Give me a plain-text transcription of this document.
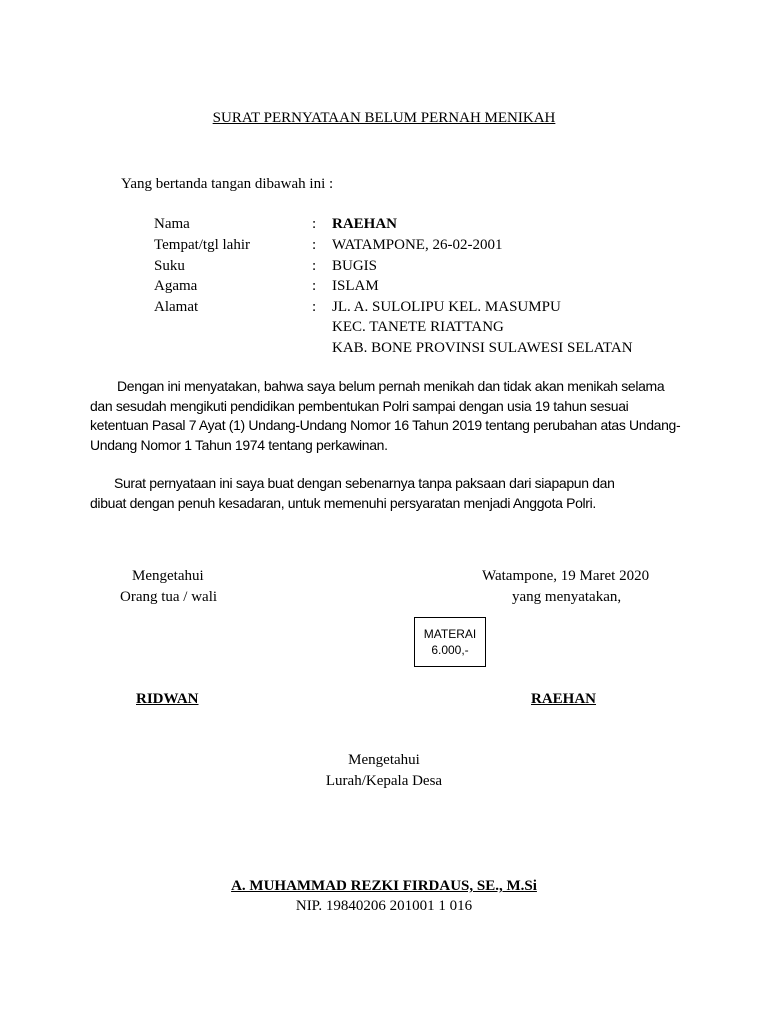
SURAT PERNYATAAN BELUM PERNAH MENIKAH
Yang bertanda tangan dibawah ini :
Nama	: RAEHAN
Tempat/tgl lahir	: WATAMPONE, 26-02-2001
Suku	: BUGIS
Agama	: ISLAM
Alamat	: JL. A. SULOLIPU KEL. MASUMPU
KEC. TANETE RIATTANG
KAB. BONE PROVINSI SULAWESI SELATAN

Dengan ini menyatakan, bahwa saya belum pernah menikah dan tidak akan menikah selama dan sesudah mengikuti pendidikan pembentukan Polri sampai dengan usia 19 tahun sesuai ketentuan Pasal 7 Ayat (1) Undang-Undang Nomor 16 Tahun 2019 tentang perubahan atas Undang-Undang Nomor 1 Tahun 1974 tentang perkawinan.

Surat pernyataan ini saya buat dengan sebenarnya tanpa paksaan dari siapapun dan dibuat dengan penuh kesadaran, untuk memenuhi persyaratan menjadi Anggota Polri.

Mengetahui
Orang tua / wali
Watampone, 19 Maret 2020
yang menyatakan,
MATERAI
6.000,-
RIDWAN	RAEHAN
Mengetahui
Lurah/Kepala Desa
A. MUHAMMAD REZKI FIRDAUS, SE., M.Si
NIP. 19840206 201001 1 016
